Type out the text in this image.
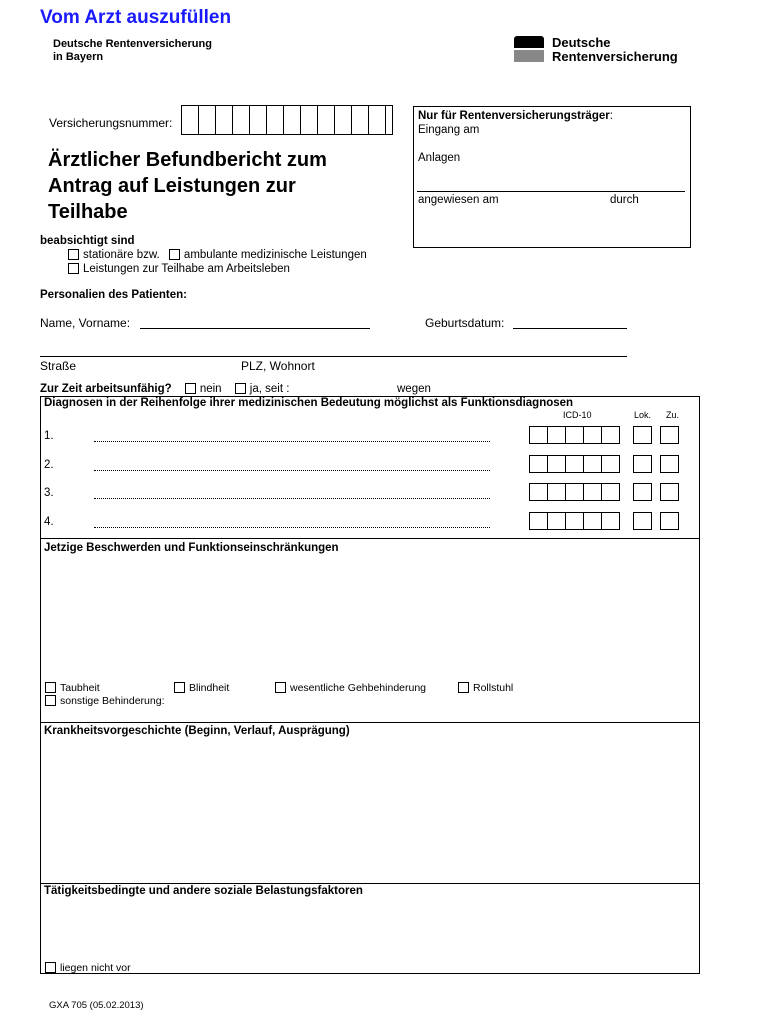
Vom Arzt auszufüllen
Deutsche Rentenversicherung
in Bayern
Deutsche
Rentenversicherung
Versicherungsnummer:	Nur für Rentenversicherungsträger:
Eingang am
Anlagen
angewiesen am	durch
Ärztlicher Befundbericht zum
Antrag auf Leistungen zur
Teilhabe
beabsichtigt sind
stationäre bzw. ambulante medizinische Leistungen
Leistungen zur Teilhabe am Arbeitsleben
Personalien des Patienten:
Name, Vorname:	Geburtsdatum:
Straße	PLZ, Wohnort
Zur Zeit arbeitsunfähig? nein ja, seit :	wegen
Diagnosen in der Reihenfolge ihrer medizinischen Bedeutung möglichst als Funktionsdiagnosen
ICD-10	Lok. Zu.
1.
2.
3.
4.
Jetzige Beschwerden und Funktionseinschränkungen
Taubheit	Blindheit	wesentliche Gehbehinderung	Rollstuhl
sonstige Behinderung:
Krankheitsvorgeschichte (Beginn, Verlauf, Ausprägung)
Tätigkeitsbedingte und andere soziale Belastungsfaktoren
liegen nicht vor
GXA 705 (05.02.2013)
